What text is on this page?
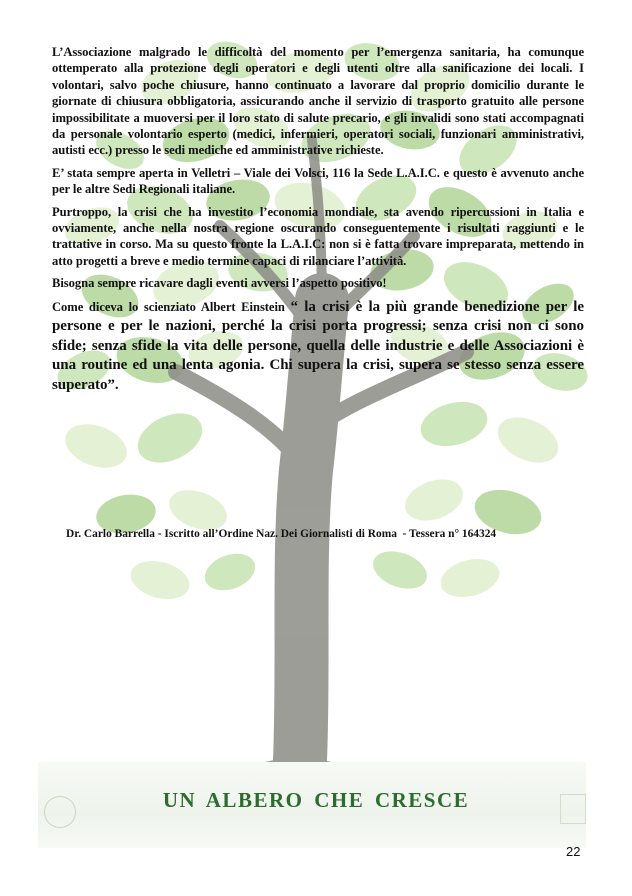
L’Associazione malgrado le difficoltà del momento per l’emergenza sanitaria, ha comunque ottemperato alla protezione degli operatori e degli utenti oltre alla sanificazione dei locali. I volontari, salvo poche chiusure, hanno continuato a lavorare dal proprio domicilio durante le giornate di chiusura obbligatoria, assicurando anche il servizio di trasporto gratuito alle persone impossibilitate a muoversi per il loro stato di salute precario, e gli invalidi sono stati accompagnati da personale volontario esperto (medici, infermieri, operatori sociali, funzionari amministrativi, autisti ecc.) presso le sedi mediche ed amministrative richieste.

E’ stata sempre aperta in Velletri – Viale dei Volsci, 116 la Sede L.A.I.C. e questo è avvenuto anche per le altre Sedi Regionali italiane.

Purtroppo, la crisi che ha investito l’economia mondiale, sta avendo ripercussioni in Italia e ovviamente, anche nella nostra regione oscurando conseguentemente i risultati raggiunti e le trattative in corso. Ma su questo fronte la L.A.I.C: non si è fatta trovare impreparata, mettendo in atto progetti a breve e medio termine capaci di rilanciare l’attività.

Bisogna sempre ricavare dagli eventi avversi l’aspetto positivo!

Come diceva lo scienziato Albert Einstein “ la crisi è la più grande benedizione per le persone e per le nazioni, perché la crisi porta progressi; senza crisi non ci sono sfide; senza sfide la vita delle persone, quella delle industrie e delle Associazioni è una routine ed una lenta agonia. Chi supera la crisi, supera se stesso senza essere superato”.

Dr. Carlo Barrella - Iscritto all’Ordine Naz. Dei Giornalisti di Roma  - Tessera n° 164324
UN ALBERO CHE CRESCE
22
